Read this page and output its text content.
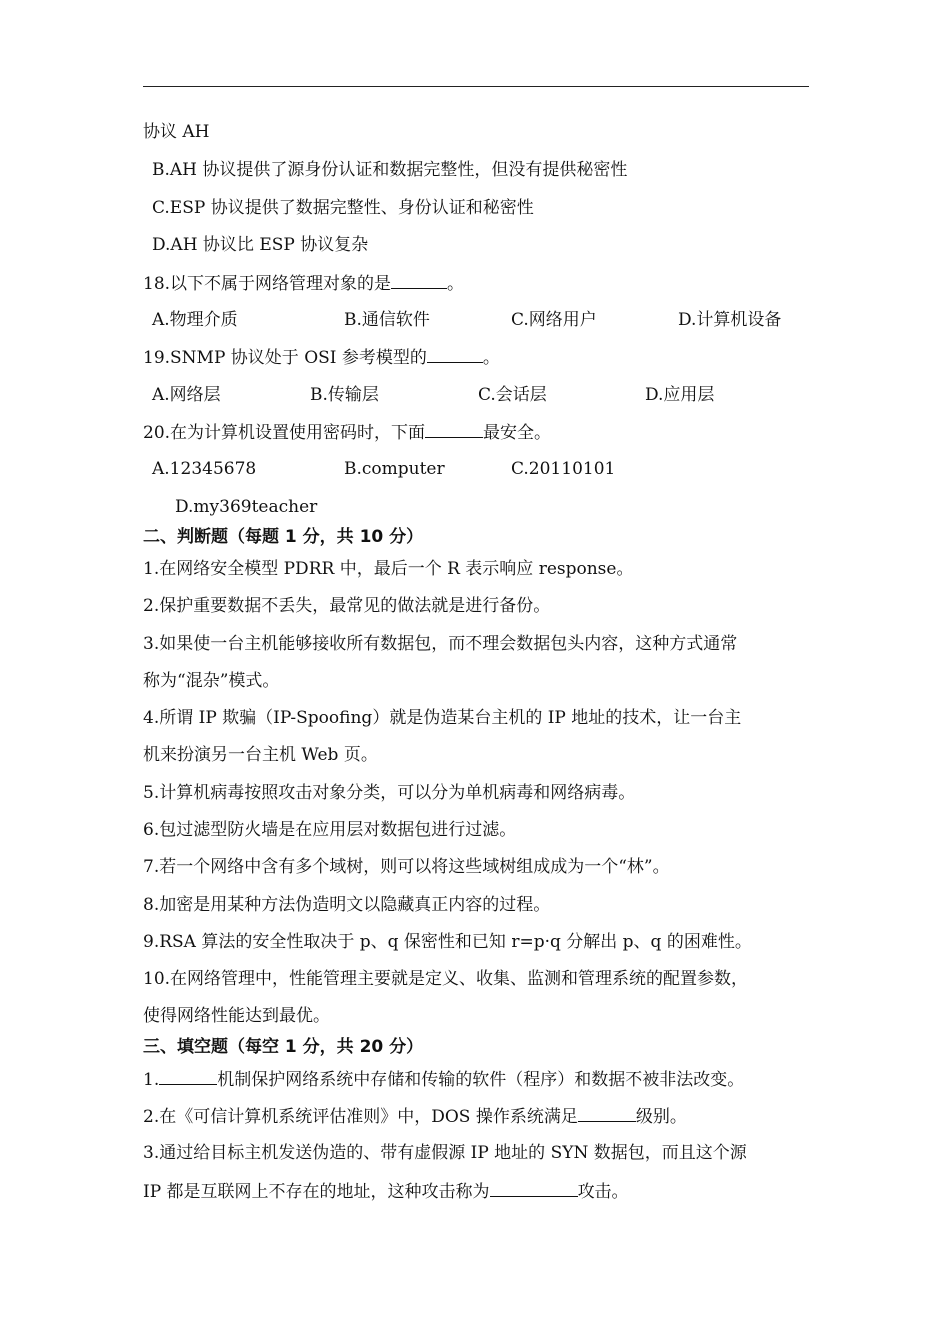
协议 AH
B.AH 协议提供了源身份认证和数据完整性，但没有提供秘密性
C.ESP 协议提供了数据完整性、身份认证和秘密性
D.AH 协议比 ESP 协议复杂
18.以下不属于网络管理对象的是	。
A.物理介质	B.通信软件	C.网络用户	D.计算机设备
19.SNMP 协议处于 OSI 参考模型的	。
A.网络层	B.传输层	C.会话层	D.应用层
20.在为计算机设置使用密码时，下面	最安全。
A.12345678	B.computer	C.20110101
D.my369teacher
二、判断题（每题 1 分，共 10 分）
1.在网络安全模型 PDRR 中，最后一个 R 表示响应 response。
2.保护重要数据不丢失，最常见的做法就是进行备份。
3.如果使一台主机能够接收所有数据包，而不理会数据包头内容，这种方式通常
称为“混杂”模式。
4.所谓 IP 欺骗（IP-Spoofing）就是伪造某台主机的 IP 地址的技术，让一台主
机来扮演另一台主机 Web 页。
5.计算机病毒按照攻击对象分类，可以分为单机病毒和网络病毒。
6.包过滤型防火墙是在应用层对数据包进行过滤。
7.若一个网络中含有多个域树，则可以将这些域树组成成为一个“林”。
8.加密是用某种方法伪造明文以隐藏真正内容的过程。
9.RSA 算法的安全性取决于 p、q 保密性和已知 r=p·q 分解出 p、q 的困难性。
10.在网络管理中，性能管理主要就是定义、收集、监测和管理系统的配置参数，
使得网络性能达到最优。
三、填空题（每空 1 分，共 20 分）
1.	机制保护网络系统中存储和传输的软件（程序）和数据不被非法改变。
2.在《可信计算机系统评估准则》中，DOS 操作系统满足	级别。
3.通过给目标主机发送伪造的、带有虚假源 IP 地址的 SYN 数据包，而且这个源
IP 都是互联网上不存在的地址，这种攻击称为	攻击。
